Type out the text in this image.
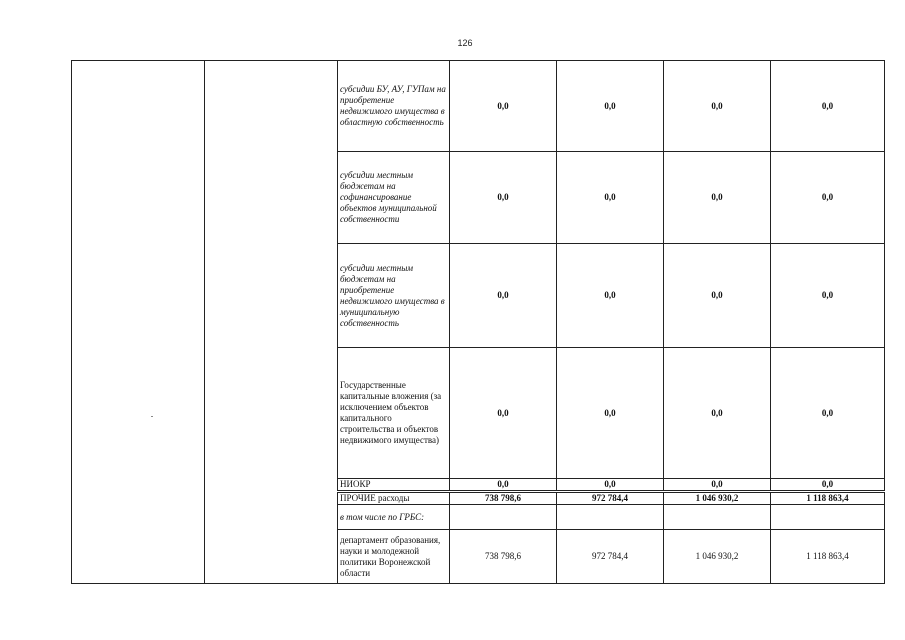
126
		субсидии БУ, АУ, ГУПам на приобретение недвижимого имущества в областную собственность	0,0	0,0	0,0	0,0
		субсидии местным бюджетам на софинансирование объектов муниципальной собственности	0,0	0,0	0,0	0,0
		субсидии местным бюджетам на приобретение недвижимого имущества в муниципальную собственность	0,0	0,0	0,0	0,0
		Государственные капитальные вложения (за исключением объектов капитального строительства и объектов недвижимого имущества)	0,0	0,0	0,0	0,0
		НИОКР	0,0	0,0	0,0	0,0
		ПРОЧИЕ расходы	738 798,6	972 784,4	1 046 930,2	1 118 863,4
		в том числе по ГРБС:				
		департамент образования, науки и молодежной политики Воронежской области	738 798,6	972 784,4	1 046 930,2	1 118 863,4
